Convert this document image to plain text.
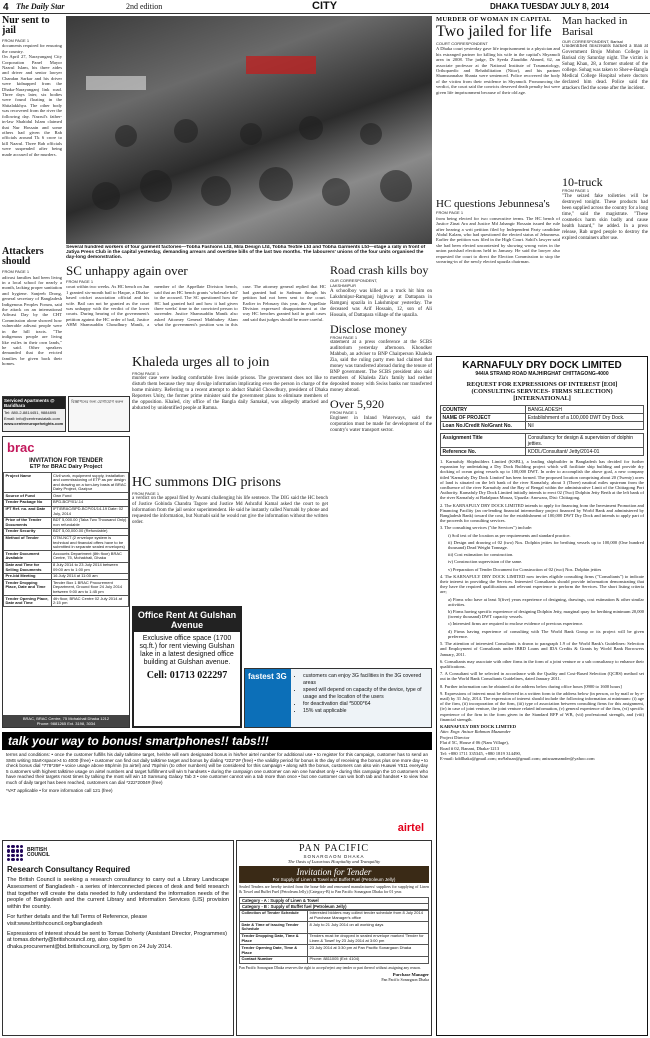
4 The Daily Star	2nd edition	CITY	DHAKA TUESDAY JULY 8, 2014
Nur sent to jail
FROM PAGE 1
documents required for ensuring the country.
On April 27, Narayanganj City Corporation Panel Mayor Nazrul Islam, his three aides and driver and senior lawyer Chandan Sarkar and his driver were kidnapped from the Dhaka-Narayanganj link road. Three days later, six bodies were found floating in the Shitalakkhya. The other body was recovered from the river the following day. Nazrul's father-in-law Shahidul Islam claimed that Nur Hossain and some others had given the Rab officials around Tk 6 crore to kill Nazrul. Three Rab officials were suspended after being made accused of the murders.
Attackers should
FROM PAGE 1
adivasi families had been living in a local school for nearly a month, lacking proper sanitation and hygiene. Sanjeeb Drong, general secretary of Bangladesh Indigenous Peoples Forum, said the attack on an international Adivasi Day by the CHT Commission alone showed how vulnerable adivasi people were in the hill tracts. "The indigenous people are living like exiles in their own lands," he said. Other speakers demanded that the evicted families be given back their homes.
Several hundred workers of four garment factories—Tobha Fashions Ltd, Mila Design Ltd, Tobha Textile Ltd and Tobha Garments Ltd—stage a rally in front of Jatiya Press Club in the capital yesterday, demanding arrears and overtime bills of the last two months. The labourers' unions of the four units organised the day-long demonstration.
SC unhappy again over
FROM PAGE 1
court within two weeks. As HC bench on Jun 1 granted six-month bail to Haque, a Dhaka-based cricket association official and his wife. Bail can not be granted as the court was unhappy with the verdict of the lower courts. During hearing of the government's petition against the HC order of bail, Justice AHM Shamsuddin Choudhury Manik, a member of the Appellate Division bench, said that an HC bench grants 'wholesale bail' to the accused. The SC questioned how the HC had granted bail and how it had given three weeks' time to the convicted person to surrender. Justice Shamsuddin Manik also asked Attorney General Mahbubey Alam what the government's position was in this case. The attorney general replied that HC had granted bail to Sadman though his petition had not been sent to the court. Earlier in February this year, the Appellate Division expressed disappointment at the way HC benches granted bail in graft cases and said that judges should be more careful.
Road crash kills boy
OUR CORRESPONDENT,
LAKSHMIPUR
A schoolboy was killed as a truck hit him on Lakshmipur-Ramganj highway at Dattapara in Ramganj upazila in Lakshmipur yesterday. The deceased was Arif Hossain, 12, son of Ali Hossain, of Dattapara village of the upazila.
Disclose money
FROM PAGE 1
statement at a press conference at the SCBS auditorium yesterday afternoon. Khondker Mahbub, an adviser to BNP Chairperson Khaleda Zia, said the ruling party men had claimed that money was transferred abroad during the tenure of BNP government. The SCBS president also said members of Khaleda Zia's family had neither deposited money with Swiss banks nor transferred money abroad.
Over 5,920
FROM PAGE 1
Engineer in Inland Waterways, said the corporation must be made for development of the country's water transport sector.
Serviced Apartments @ Baridhara
Tel: 880-2-8814451, 9884895
Email: info@centreasiatalk.com
www.centreeuropeheights.com
বিজ্ঞাপনের জন্য যোগাযোগ করুন
Khaleda urges all to join
FROM PAGE 1
murder case were leading comfortable lives inside prisons. The government does not like to disturb them because they may divulge information implicating even the person in charge of the home ministry. Referring to a recent attempt to abduct Shahid Chowdhury, president of Dhaka Reporters Unity, the former prime minister said the government plans to eliminate members of the opposition. Khaled, city office of the Bangla daily Samakal, was allegedly attacked and abducted by unidentified people at Ramna.
HC summons DIG prisons
FROM PAGE 1
a verdict on the appeal filed by Awami challenging his life sentence. The DIG said the HC bench of Justice Gobinda Chandra Tagore and Justice Md Ashraful Kamal asked the court to get information from the jail senior superintendent. He said he instantly called Nurnabi by phone and requested the information, but Nurnabi said he would not give the information without the written order.
brac
INVITATION FOR TENDER
ETP for BRAC Dairy Project
Project Name	Civil work, equipment supply, installation and commissioning of ETP as per design and drawing on a turn-key basis at BRAC Dairy Project, Gazipur
Source of Fund	Own Fund
Tender Package No	BPD-BCP/01/-14
IFT Ref. no. and Date	IFT/BRAC/BPD-BCP/01/14-19 Date: 02 July, 2014
Price of the Tender Documents	BDT 5,000.00 (Taka Two Thousand Only) non refundable
Tender Security	BDT 5,00,000.00 (Refundable)
Method of Tender	OTM-NCT (2 envelope system is technical and financial offers have to be submitted in separate sealed envelopes)
Tender Document Available	Accounts Department (8th floor) BRAC Centre, 75, Mohakhali, Dhaka
Date and Time for Selling Documents	8 July 2014 to 23 July 2014 between 09:00 am to 1:00 pm
Pre-bid Meeting	16 July 2014 at 11:00 am
Tender Dropping Place, Date and Time	Tender Box 1 BRAC Procurement Department, Ground floor 24 July 2014 between 9:00 am to 1:45 pm
Tender Opening Place, Date and Time	4th floor, BRAC Centre 02 July 2014 at 2:15 pm
BRAC, BRAC Centre, 75 Mohakhali Dhaka 1212
Phone: 9881265 Ext. 3198, 3034
Office Rent At Gulshan Avenue
Exclusive office space (1700 sq.ft.) for rent viewing Gulshan lake in a latest designed office building at Gulshan avenue.
Cell: 01713 022297	fastest 3G	• customers can enjoy 3G facilities in the 3G covered areas
• speed will depend on capacity of the device, type of usage and the location of the users
• for deactivation dial *5000*64
• 15% vat applicable
MURDER OF WOMAN IN CAPITAL
Two jailed for life
COURT CORRESPONDENT
A Dhaka court yesterday gave life imprisonment to a physician and his estranged partner for killing his wife in the capital's Shyamoli area in 2008. The judge, Dr Syeda Ziauddin Ahmed, 62, an associate professor at the National Institute of Traumatology, Orthopaedic and Rehabilitation (Nitor), and his partner Shamsunnahar Shanta were sentenced. Police recovered the body of the victim from their residence in Shyamoli. Pronouncing the verdict, the court said the convicts deserved death penalty but were given life imprisonment because of their old age.
HC questions Jebunnesa's
FROM PAGE 1
from being elected for two consecutive terms. The HC bench of Justice Zinat Ara and Justice Md Jahangir Hossain issued the rule after hearing a writ petition filed by Independent Party candidate Abdul Kalam, who had questioned the elected status of Jebunnesa. Earlier the petition was filed in the High Court. Sahil's lawyer said she had been elected uncontested by showing wrong votes in the union parishad elections held in January. He said the lawyer also requested the court to direct the Election Commission to stop the swearing-in of the newly elected upazila chairman.
Man hacked in Barisal
OUR CORRESPONDENT, Barisal
Unidentified miscreants hacked a man at Government Brojo Mohon College in Barisal city Saturday night. The victim is Sohag Khan, 28, a former student of the college. Sohag was taken to Sher-e-Bangla Medical College Hospital where doctors declared him dead. Police said the attackers fled the scene after the incident.
10-truck
FROM PAGE 1
"The seized fake toiletries will be destroyed tonight. These products had been supplied across the country for a long time," said the magistrate. "These cosmetics harm skin badly and cause health hazard," he added. In a press release, Rab urged people to destroy the expired containers after use.
KARNAFULY DRY DOCK LIMITED
944/A STRAND ROAD MAJHIRGHAT CHITTAGONG-4000
REQUEST FOR EXPRESSIONS OF INTEREST [EOI]
(CONSULTING SERVICES- FIRMS SELECTION)
[INTERNATIONAL]
COUNTRY	BANGLADESH
NAME OF PROJECT	Establishment of a 100,000 DWT Dry Dock.
Loan No./Credit No/Grant No.	Nil
Assignment Title	Consultancy for design & supervision of dolphin jetties.
Reference No.	KDDL/Consultant/ Jetty/2014-01

1. Karnafuly Shipbuilders Limited (KSBL), a leading shipbuilder in Bangladesh has decided for further expansion by undertaking a Dry Dock Building project which will facilitate ship building and provide dry docking of ocean going vessels up to 100,000 DWT. In order to accomplish the above goal, a new company titled 'Karnafuly Dry Dock Limited' has been formed. The proposed location comprising about 20 (Twenty) acres of land is situated on the left bank of the river Karnafuly, about 3 (Three) nautical miles upstream from the confluence of the river Karnafuly and the Bay of Bengal within the administrative Limit of the Chittagong Port Authority. Karnafuly Dry Dock Limited initially intends to erect 02 (Two) Dolphin Jetty Berth at the left bank of the river Karnafuly at Badalpura Mouza, Upazila: Anowara, Dist: Chittagong.

2. The KARNAFULY DRY DOCK LIMITED intends to apply for financing from the Investment Promotion and Financing Facility (an on-lending financial intermediary project financed by World Bank and administered by Bangladesh Bank) toward the cost for the establishment of 100,000 DWT Dry Dock and intends to apply part of the proceeds for consulting services.

3. The consulting services ("the Services") include:

i) Soil test of the location as per requirements and standard practice.

ii) Design and drawing of 02 (two) Nos. Dolphin jetties for berthing vessels up to 100,000 (One hundred thousand) Dead Weight Tonnage.

iii) Cost estimation for construction.

iv) Construction supervision of the same.

v) Preparation of Tender Document for Construction of 02 (two) Nos. Dolphin jetties

4. The KARNAFULY DRY DOCK LIMITED now invites eligible consulting firms ("Consultants") to indicate their interest in providing the Services. Interested Consultants should provide information demonstrating that they have the required qualifications and relevant experience to perform the Services. The short listing criteria are;

a) Firms who have at least 5(five) years experience of designing, drawings, cost estimation & other similar activities.

b) Firms having specific experience of designing Dolphin Jetty, marginal quay for berthing minimum 20,000 (twenty thousand) DWT capacity vessels.

c) Interested firms are required to enclose evidence of previous experience.

d) Firms having experience of consulting with The World Bank Group or its project will be given preference.

5. The attention of interested Consultants is drawn to paragraph 1.9 of the World Bank's Guidelines: Selection and Employment of Consultants under IBRD Loans and IDA Credits & Grants by World Bank Borrowers January, 2011.

6. Consultants may associate with other firms in the form of a joint venture or a sub consultancy to enhance their qualifications.

7. A Consultant will be selected in accordance with the Quality and Cost-Based Selection (QCBS) method set out in the World Bank Consultants Guidelines, dated January 2011.

8. Further information can be obtained at the address below during office hours [0900 to 1600 hours]

9. Expressions of interest must be delivered in a written form to the address below (in person, or by mail or by e-mail) by 31 July, 2014. The expression of interest should include the following information at minimum: (i) age of the firm, (ii) incorporation of the firm, (iii) type of association between consulting firms for this assignment, (iv) in case of joint venture, the joint venture related information, (v) general experience of the firm, (vi) specific experience of the firm in the form given in the Standard RFP of WB, (vii) professional strength, and (viii) financial strength.

KARNAFULY DRY DOCK LIMITED
Attn: Engr. Anisur Rahman Mazumder
Project Director
Flat # 5C, House # 06 (Nam Village),
Road # 02, Banani, Dhaka-1213
Tel: +880 1711 335345, +880 1819 314490,
E-mail: kddlbaka@gmail.com; mr9ahsan@gmail.com; anisrazmamder@yahoo.com
talk your way to bonus! smartphones!! tabs!!!
terms and conditions: • once the customer fulfills his daily talktime target, he/she will earn designated bonus in his/her airtel number for additional use • to register for this campaign, customer has to send an SMS writing Start<space>4 to 4000 (free) • customer can find out daily talktime target and bonus by dialing *222*2# (free) • the validity period for bonus is the day of receiving the bonus plus one more day • to check bonus dial *778*26# • voice usage above 85p/min (to airtel) and 75p/min (to other numbers) will be considered for this campaign • along with the bonus, customers can also win Huawei Y511 everyday 5 customers with highest talktime usage on airtel numbers and target fulfillment will win 5 handsets • during the campaign one customer can win one handset only • during this campaign the 10 customers who have reached their targets most times by talking the most will win 10 Samsung Galaxy Tab 3 • one customer cannot win a tab more than once • but one customer can win both tab and handset • to view how much of daily target has been reached, customers can dial *222*2004# (free)
*VAT applicable • for more information call 121 (free)
airtel
BRITISH
COUNCIL
Research Consultancy Required
The British Council is seeking a research consultancy to carry out a Library Landscape Assessment of Bangladesh - a series of interconnected pieces of desk and field research that together will create the data needed to fully understand the information needs of the people of Bangladesh and the current Library and Information Services (LIS) provision within the country.
For further details and the full Terms of Reference, please visit:www.britishcouncil.org/bangladesh
Expressions of interest should be sent to Tomas Doherty (Assistant Director, Programmes) at tomas.doherty@britishcouncil.org, also copied to dhaka.procurement@bd.britishcouncil.org, by 5pm on 24 July 2014.
PAN PACIFIC
SONARGAON DHAKA
The Oasis of Luxurious Hospitality and Tranquility
Invitation for Tender
For Supply of Linen & Towel and Buffet Fuel (Petroleum Jelly)
Sealed Tenders are hereby invited from the bona-fide and renowned manufacturers/ suppliers for supplying of Linen & Towel and Buffet Fuel (Petroleum Jelly) (Category-B) to Pan Pacific Sonargaon Dhaka for 01 year.
Category - A : Supply of Linen & Towel
Category - B : Supply of Buffet fuel (Petroleum Jelly)
Collection of Tender Schedule	Interested bidders may collect tender schedule from 8 July 2014 at Purchase Manager's office
Date & Time of issuing Tender Schedule	8 July to 21 July 2014 on all working days
Tender Dropping Date, Time & Place	Tenders must be dropped in sealed envelope marked 'Tender for Linen & Towel' by 23 July 2014 at 3:00 pm
Tender Opening Date, Time & Place	23 July 2014 at 3:30 pm at Pan Pacific Sonargaon Dhaka
Contact Number	Phone: 8811005 (Ext: 4104)
Pan Pacific Sonargaon Dhaka reserves the right to accept/reject any tender or part thereof without assigning any reason.
Purchase Manager
Pan Pacific Sonargaon Dhaka
